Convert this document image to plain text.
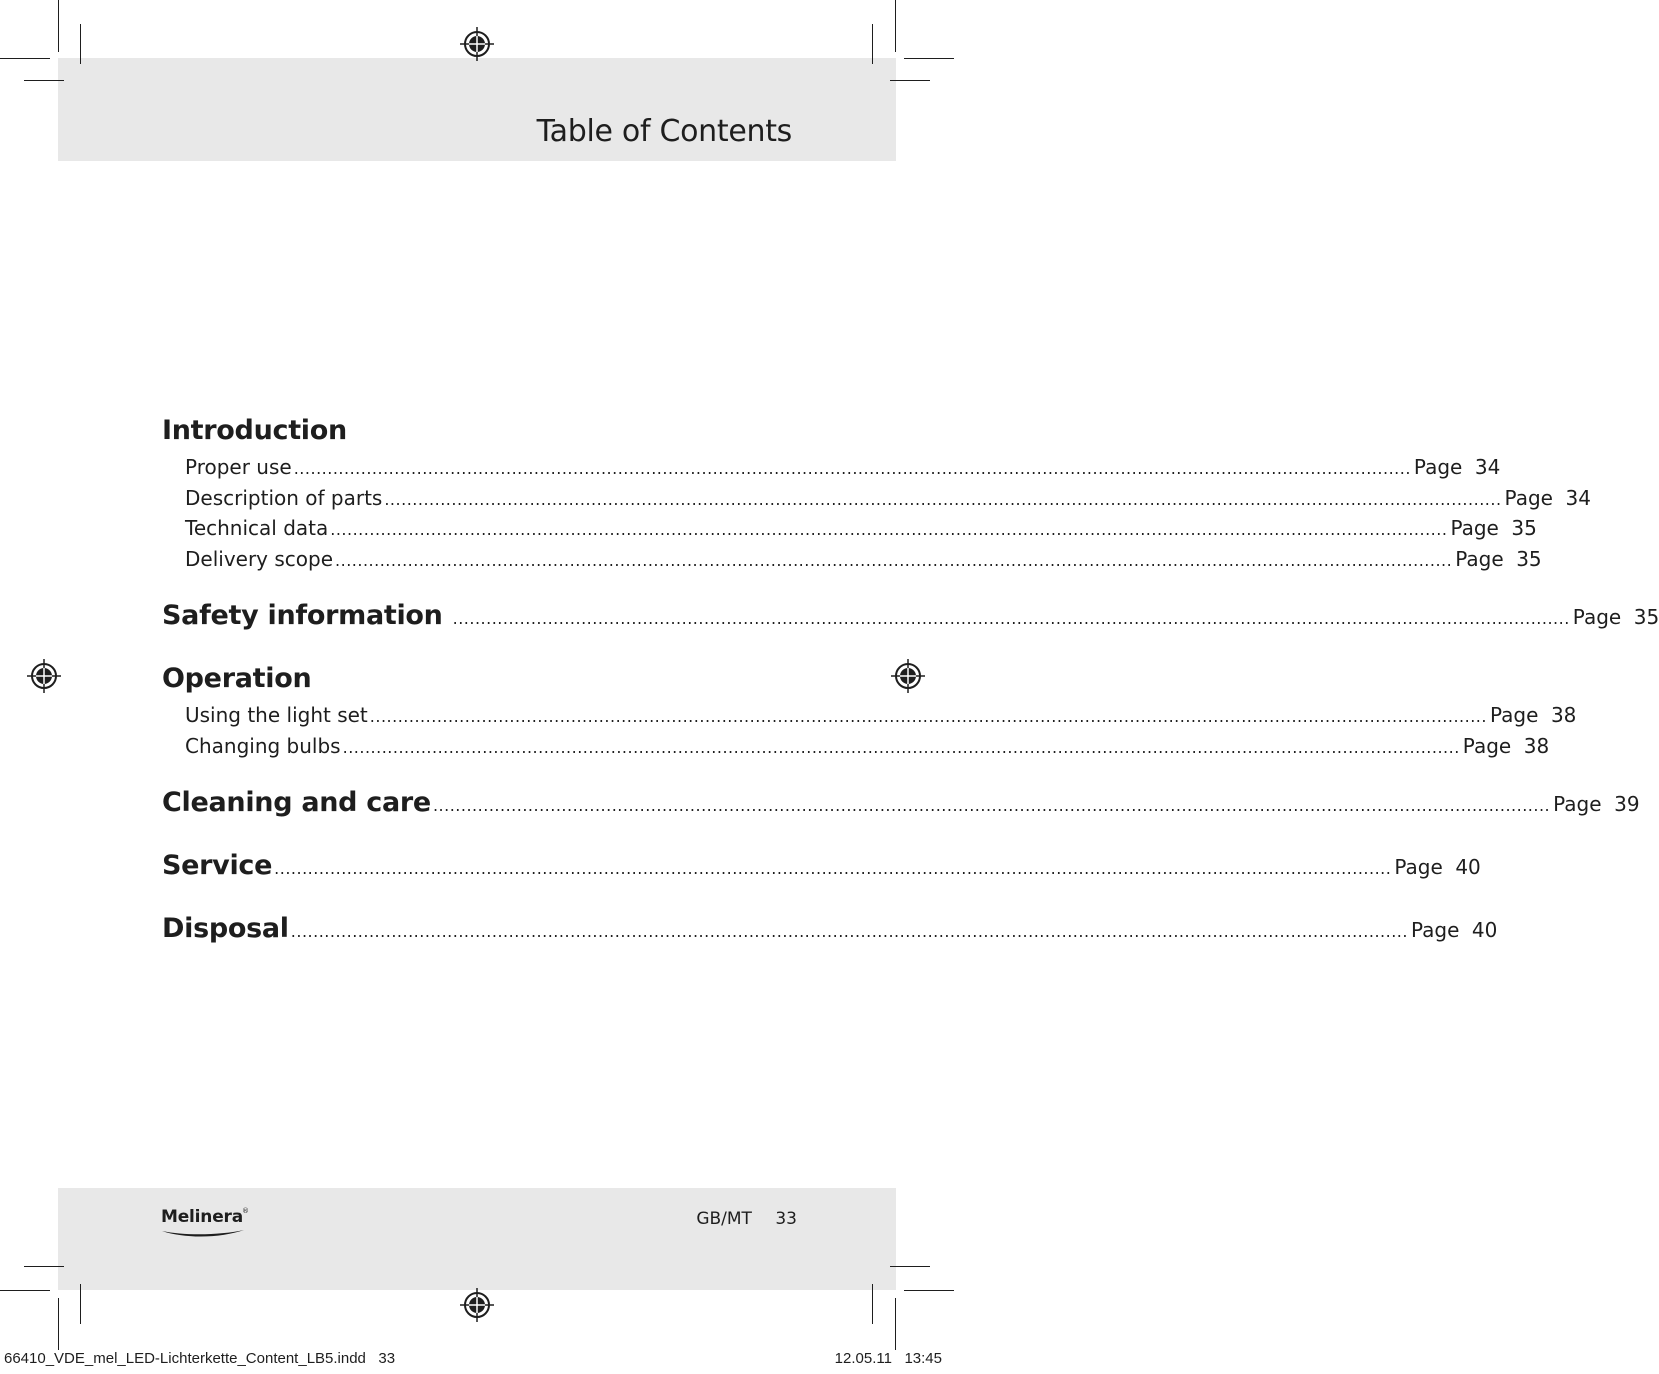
Table of Contents
Introduction
Proper use ........................................................................................................................................................................................................ Page 34
Description of parts ........................................................................................................................................................................................................ Page 34
Technical data ........................................................................................................................................................................................................ Page 35
Delivery scope ........................................................................................................................................................................................................ Page 35
Safety information ........................................................................................................................................................................................................ Page 35
Operation
Using the light set ........................................................................................................................................................................................................ Page 38
Changing bulbs ........................................................................................................................................................................................................ Page 38
Cleaning and care ........................................................................................................................................................................................................ Page 39
Service ........................................................................................................................................................................................................ Page 40
Disposal ........................................................................................................................................................................................................ Page 40
Melinera ®	GB/MT 33
66410_VDE_mel_LED-Lichterkette_Content_LB5.indd   33	12.05.11   13:45
